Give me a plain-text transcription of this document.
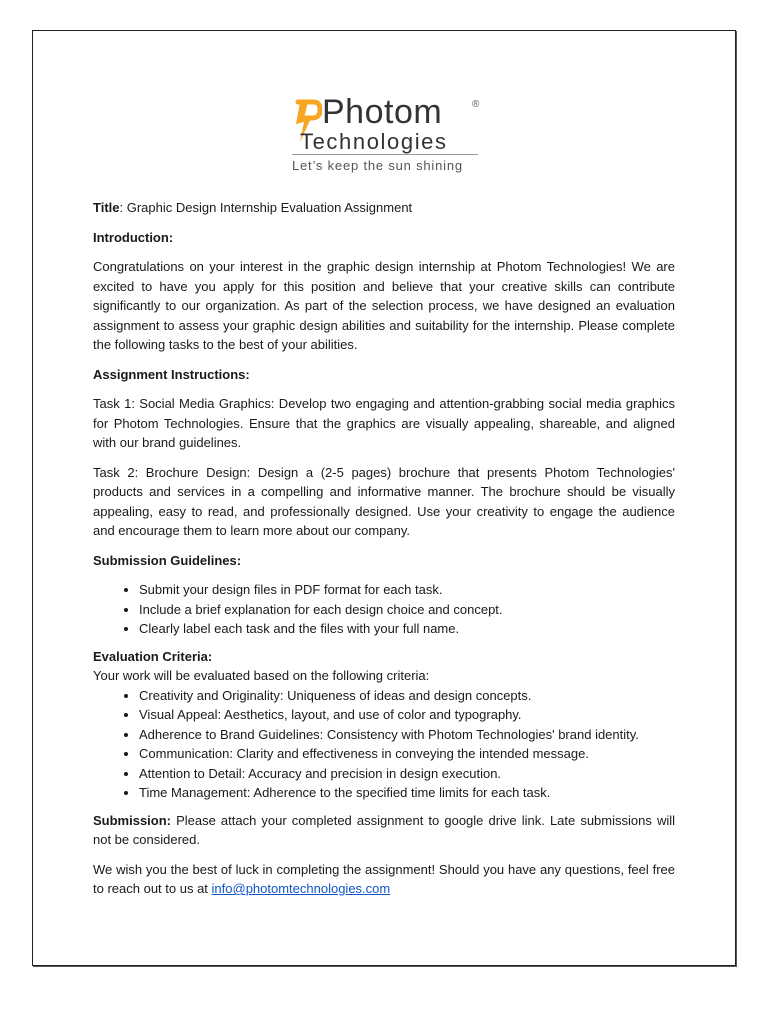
Photom	®
Technologies
Let’s keep the sun shining

Title: Graphic Design Internship Evaluation Assignment

Introduction:

Congratulations on your interest in the graphic design internship at Photom Technologies! We are excited to have you apply for this position and believe that your creative skills can contribute significantly to our organization. As part of the selection process, we have designed an evaluation assignment to assess your graphic design abilities and suitability for the internship. Please complete the following tasks to the best of your abilities.

Assignment Instructions:

Task 1: Social Media Graphics: Develop two engaging and attention-grabbing social media graphics for Photom Technologies. Ensure that the graphics are visually appealing, shareable, and aligned with our brand guidelines.

Task 2: Brochure Design: Design a (2-5 pages) brochure that presents Photom Technologies' products and services in a compelling and informative manner. The brochure should be visually appealing, easy to read, and professionally designed. Use your creativity to engage the audience and encourage them to learn more about our company.

Submission Guidelines:

• Submit your design files in PDF format for each task.
• Include a brief explanation for each design choice and concept.
• Clearly label each task and the files with your full name.

Evaluation Criteria:

Your work will be evaluated based on the following criteria:

• Creativity and Originality: Uniqueness of ideas and design concepts.
• Visual Appeal: Aesthetics, layout, and use of color and typography.
• Adherence to Brand Guidelines: Consistency with Photom Technologies' brand identity.
• Communication: Clarity and effectiveness in conveying the intended message.
• Attention to Detail: Accuracy and precision in design execution.
• Time Management: Adherence to the specified time limits for each task.

Submission: Please attach your completed assignment to google drive link. Late submissions will not be considered.

We wish you the best of luck in completing the assignment! Should you have any questions, feel free to reach out to us at info@photomtechnologies.com
